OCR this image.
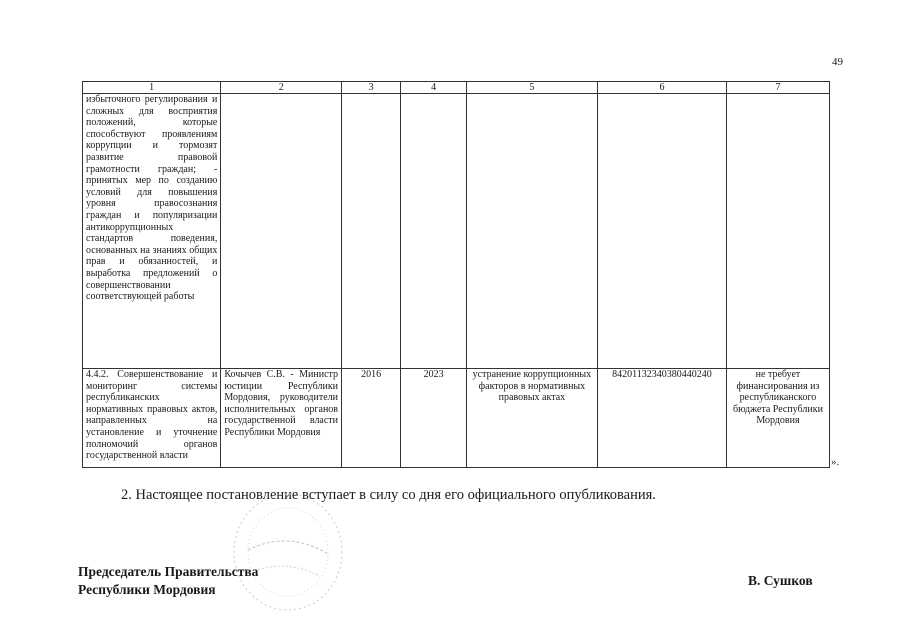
49
1	2	3	4	5	6	7
избыточного регулирования и сложных для восприятия положений, которые способствуют проявлениям коррупции и тормозят развитие правовой грамотности граждан; - принятых мер по созданию условий для повышения уровня правосознания граждан и популяризации антикоррупционных стандартов поведения, основанных на знаниях общих прав и обязанностей, и выработка предложений о совершенствовании соответствующей работы						
4.4.2. Совершенствование и мониторинг системы республиканских нормативных правовых актов, направленных на установление и уточнение полномочий органов государственной власти	Кочычев С.В. - Министр юстиции Республики Мордовия, руководители исполнительных органов государственной власти Республики Мордовия	2016	2023	устранение коррупционных факторов в нормативных правовых актах	84201132340380440240	не требует финансирования из республиканского бюджета Республики Мордовия
».
2. Настоящее постановление вступает в силу со дня его официального опубликования.
Председатель Правительства
Республики Мордовия
В. Сушков
